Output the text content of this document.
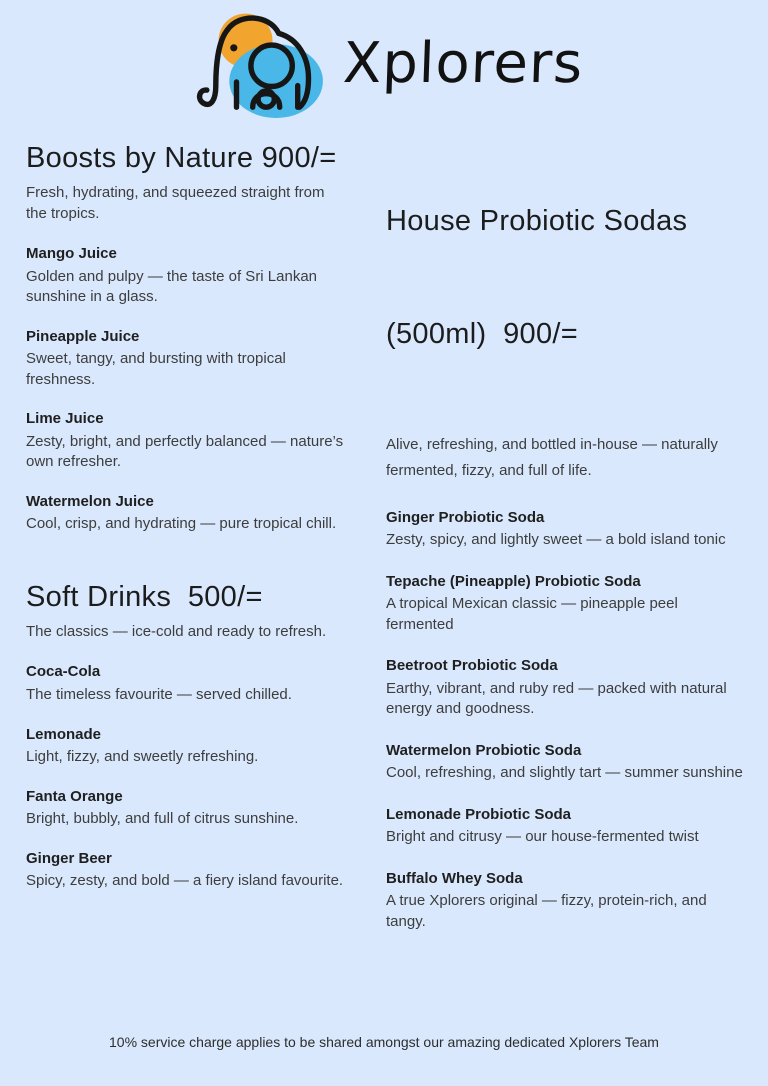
Xplorers
Boosts by Nature 900/=

Fresh, hydrating, and squeezed straight from the tropics.

Mango Juice

Golden and pulpy — the taste of Sri Lankan sunshine in a glass.

Pineapple Juice

Sweet, tangy, and bursting with tropical freshness.

Lime Juice

Zesty, bright, and perfectly balanced — nature’s own refresher.

Watermelon Juice

Cool, crisp, and hydrating — pure tropical chill.

Soft Drinks  500/=

The classics — ice-cold and ready to refresh.

Coca-Cola

The timeless favourite — served chilled.

Lemonade

Light, fizzy, and sweetly refreshing.

Fanta Orange

Bright, bubbly, and full of citrus sunshine.

Ginger Beer

Spicy, zesty, and bold — a fiery island favourite.

House Probiotic Sodas

(500ml)  900/=

Alive, refreshing, and bottled in-house — naturally fermented, fizzy, and full of life.

Ginger Probiotic Soda

Zesty, spicy, and lightly sweet — a bold island tonic

Tepache (Pineapple) Probiotic Soda

A tropical Mexican classic — pineapple peel fermented

Beetroot Probiotic Soda

Earthy, vibrant, and ruby red — packed with natural energy and goodness.

Watermelon Probiotic Soda

Cool, refreshing, and slightly tart — summer sunshine

Lemonade Probiotic Soda

Bright and citrusy — our house-fermented twist

Buffalo Whey Soda

A true Xplorers original — fizzy, protein-rich, and tangy.

10% service charge applies to be shared amongst our amazing dedicated Xplorers Team
